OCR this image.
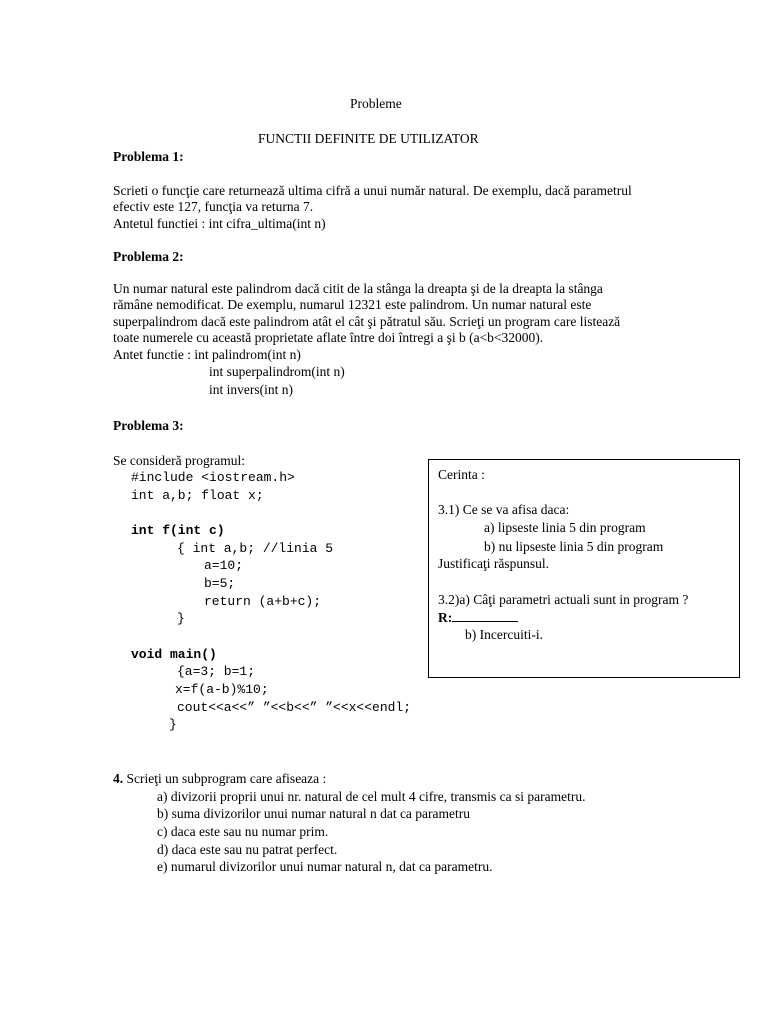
Probleme
FUNCTII DEFINITE DE UTILIZATOR
Problema 1:
Scrieti o funcţie care returnează ultima cifră a unui număr natural. De exemplu, dacă parametrul
efectiv este 127, funcţia va returna 7.
Antetul functiei : int cifra_ultima(int n)
Problema 2:
Un numar natural este palindrom dacă citit de la stânga la dreapta şi de la dreapta la stânga
rămâne nemodificat. De exemplu, numarul 12321 este palindrom. Un numar natural este
superpalindrom dacă este palindrom atât el cât şi pătratul său. Scrieţi un program care listează
toate numerele cu această proprietate aflate între doi întregi a şi b (a<b<32000).
Antet functie : int palindrom(int n)
int superpalindrom(int n)
int invers(int n)
Problema 3:
Se consideră programul:
#include <iostream.h>
int a,b; float x;
int f(int c)
{ int a,b; //linia 5
a=10;
b=5;
return (a+b+c);
}
void main()
{a=3; b=1;
x=f(a-b)%10;
cout<<a<<” ”<<b<<” ”<<x<<endl;
}
Cerinta :
3.1) Ce se va afisa daca:
a) lipseste linia 5 din program
b) nu lipseste linia 5 din program
Justificaţi răspunsul.
3.2)a) Câţi parametri actuali sunt in program ?
R:
b) Incercuiti-i.
4. Scrieţi un subprogram care afiseaza :
a) divizorii proprii unui nr. natural de cel mult 4 cifre, transmis ca si parametru.
b) suma divizorilor unui numar natural n dat ca parametru
c) daca este sau nu numar prim.
d) daca este sau nu patrat perfect.
e) numarul divizorilor unui numar natural n, dat ca parametru.
